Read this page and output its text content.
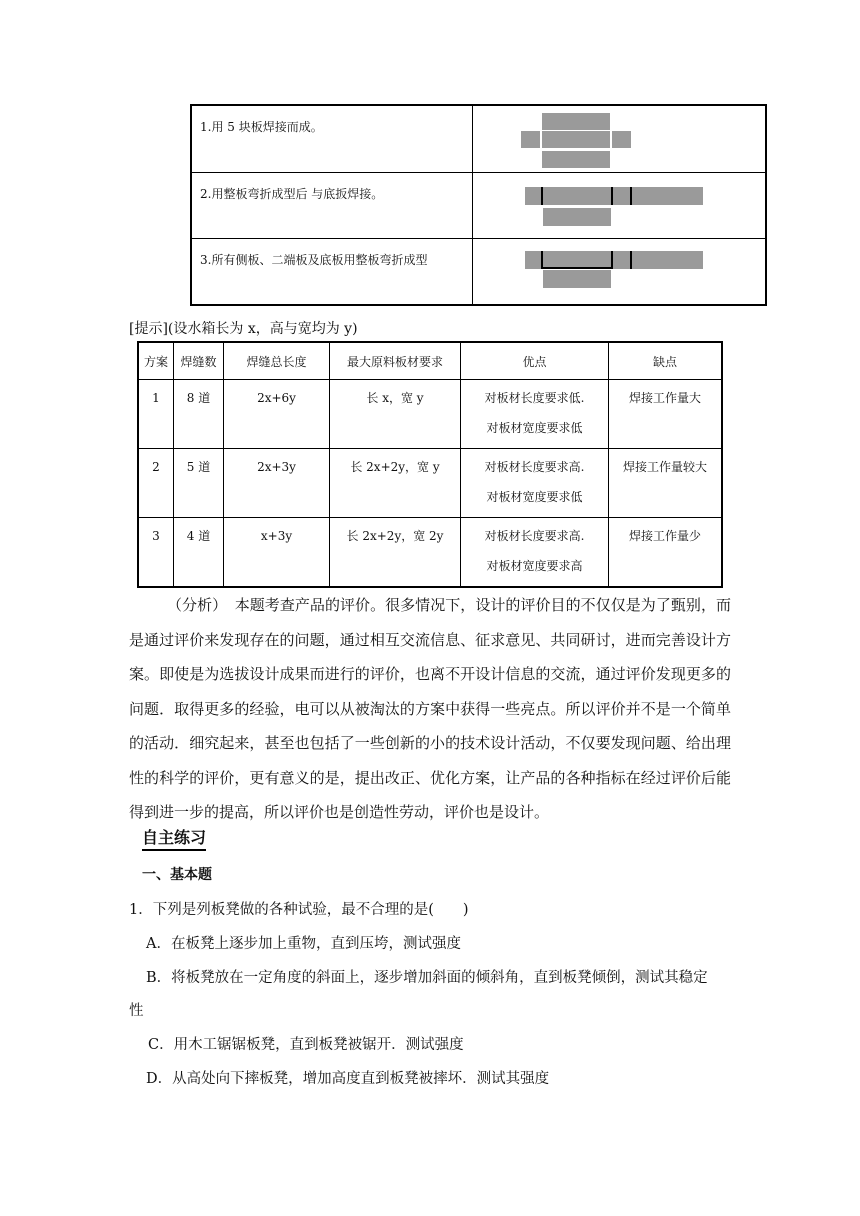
1.用 5 块板焊接而成。
2.用整板弯折成型后 与底扳焊接。
3.所有侧板、二端板及底板用整板弯折成型
[提示](设水箱长为 x，高与宽均为 y)
方案	焊缝数	焊缝总长度	最大原料板材要求	优点	缺点

1	8 道	2x+6y	长 x，宽 y	对板材长度要求低.
对板材宽度要求低	焊接工作量大

2	5 道	2x+3y	长 2x+2y，宽 y	对板材长度要求高.
对板材宽度要求低	焊接工作量较大

3	4 道	x+3y	长 2x+2y，宽 2y	对板材长度要求高.
对板材宽度要求高	焊接工作量少

（分析）　本题考查产品的评价。很多情况下，设计的评价目的不仅仅是为了甄别，而是通过评价来发现存在的问题，通过相互交流信息、征求意见、共同研讨，进而完善设计方案。即使是为选拔设计成果而进行的评价，也离不开设计信息的交流，通过评价发现更多的问题．取得更多的经验，电可以从被淘汰的方案中获得一些亮点。所以评价并不是一个简单的活动．细究起来，甚至也包括了一些创新的小的技术设计活动，不仅要发现问题、给出理性的科学的评价，更有意义的是，提出改正、优化方案，让产品的各种指标在经过评价后能得到进一步的提高，所以评价也是创造性劳动，评价也是设计。

自主练习
一、基本题
1．下列是列板凳做的各种试验，最不合理的是(　　)
A．在板凳上逐步加上重物，直到压垮，测试强度
B．将板凳放在一定角度的斜面上，逐步增加斜面的倾斜角，直到板凳倾倒，测试其稳定
性
C．用木工锯锯板凳，直到板凳被锯开．测试强度
D．从高处向下摔板凳，增加高度直到板凳被摔坏．测试其强度
